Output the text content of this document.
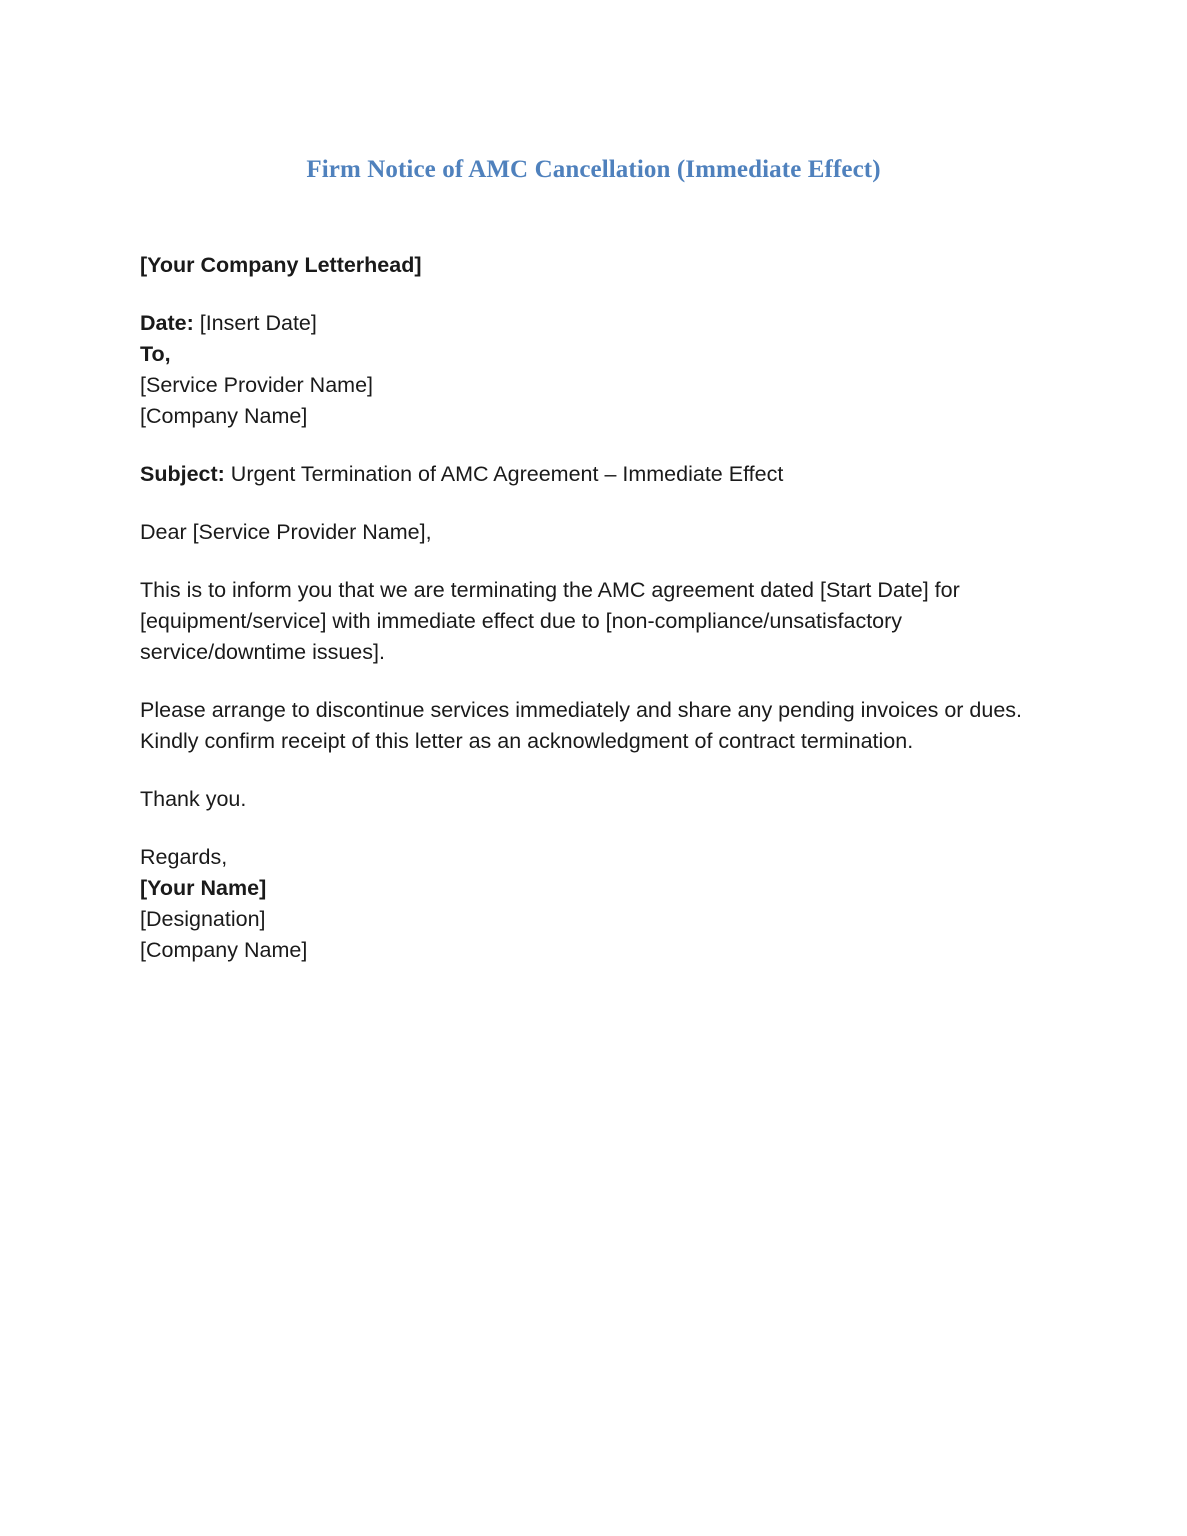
Firm Notice of AMC Cancellation (Immediate Effect)

[Your Company Letterhead]

Date: [Insert Date]

To,

[Service Provider Name]

[Company Name]

Subject: Urgent Termination of AMC Agreement – Immediate Effect

Dear [Service Provider Name],

This is to inform you that we are terminating the AMC agreement dated [Start Date] for [equipment/service] with immediate effect due to [non-compliance/unsatisfactory service/downtime issues].

Please arrange to discontinue services immediately and share any pending invoices or dues. Kindly confirm receipt of this letter as an acknowledgment of contract termination.

Thank you.

Regards,

[Your Name]

[Designation]

[Company Name]
